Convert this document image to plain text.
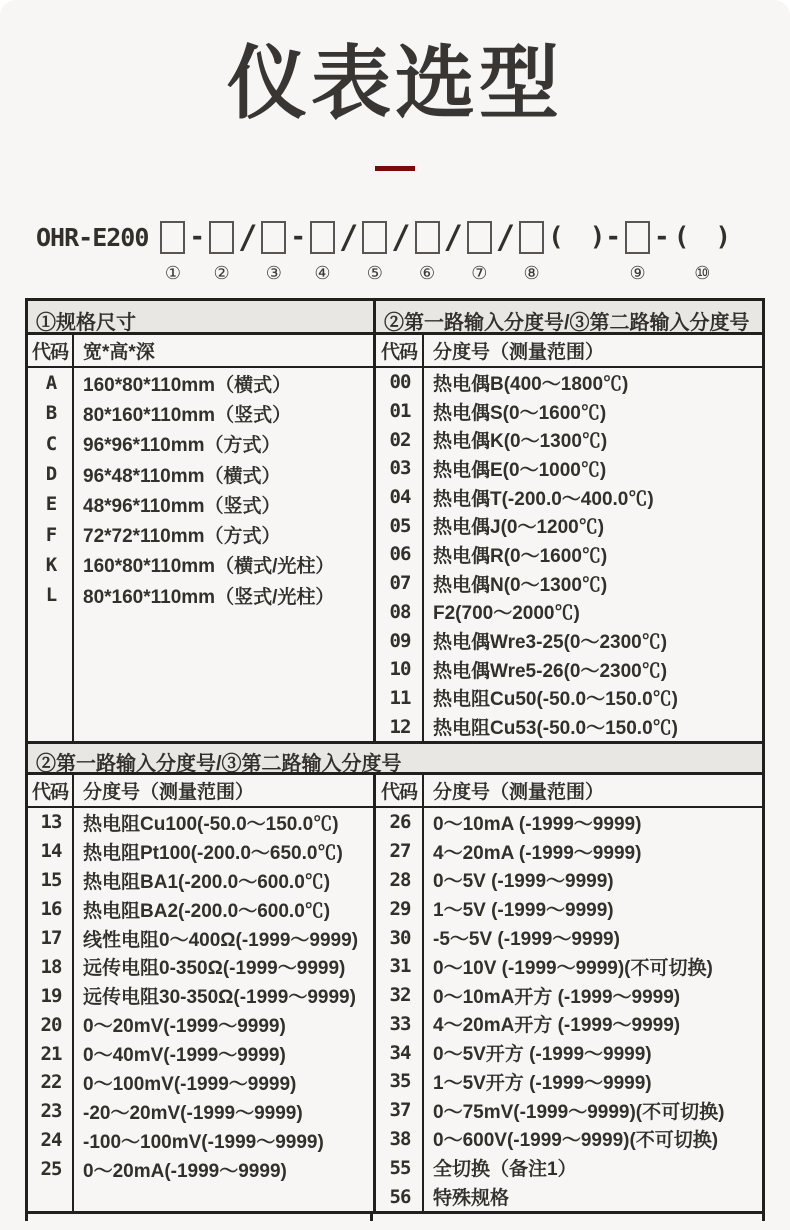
仪表选型
OHR-E200
①
-
②
/
③
-
④
/
⑤
/
⑥
/
⑦
/
⑧
(　)-
⑨
- (　)
⑩
①规格尺寸
代码 宽*高*深
A	160*80*110mm（横式）
B	80*160*110mm（竖式）
C	96*96*110mm（方式）
D	96*48*110mm（横式）
E	48*96*110mm（竖式）
F	72*72*110mm（方式）
K	160*80*110mm（横式/光柱）
L	80*160*110mm（竖式/光柱）
②第一路输入分度号/③第二路输入分度号
代码 分度号（测量范围）
00	热电偶B(400～1800℃)
01	热电偶S(0～1600℃)
02	热电偶K(0～1300℃)
03	热电偶E(0～1000℃)
04	热电偶T(-200.0～400.0℃)
05	热电偶J(0～1200℃)
06	热电偶R(0～1600℃)
07	热电偶N(0～1300℃)
08	F2(700～2000℃)
09	热电偶Wre3-25(0～2300℃)
10	热电偶Wre5-26(0～2300℃)
11	热电阻Cu50(-50.0～150.0℃)
12	热电阻Cu53(-50.0～150.0℃)
②第一路输入分度号/③第二路输入分度号
代码 分度号（测量范围）
13	热电阻Cu100(-50.0～150.0℃)
14	热电阻Pt100(-200.0～650.0℃)
15	热电阻BA1(-200.0～600.0℃)
16	热电阻BA2(-200.0～600.0℃)
17	线性电阻0～400Ω(-1999～9999)
18	远传电阻0-350Ω(-1999～9999)
19	远传电阻30-350Ω(-1999～9999)
20	0～20mV(-1999～9999)
21	0～40mV(-1999～9999)
22	0～100mV(-1999～9999)
23	-20～20mV(-1999～9999)
24	-100～100mV(-1999～9999)
25	0～20mA(-1999～9999)
代码 分度号（测量范围）
26	0～10mA (-1999～9999)
27	4～20mA (-1999～9999)
28	0～5V (-1999～9999)
29	1～5V (-1999～9999)
30	-5～5V (-1999～9999)
31	0～10V (-1999～9999)(不可切换)
32	0～10mA开方 (-1999～9999)
33	4～20mA开方 (-1999～9999)
34	0～5V开方 (-1999～9999)
35	1～5V开方 (-1999～9999)
37	0～75mV(-1999～9999)(不可切换)
38	0～600V(-1999～9999)(不可切换)
55	全切换（备注1）
56	特殊规格
